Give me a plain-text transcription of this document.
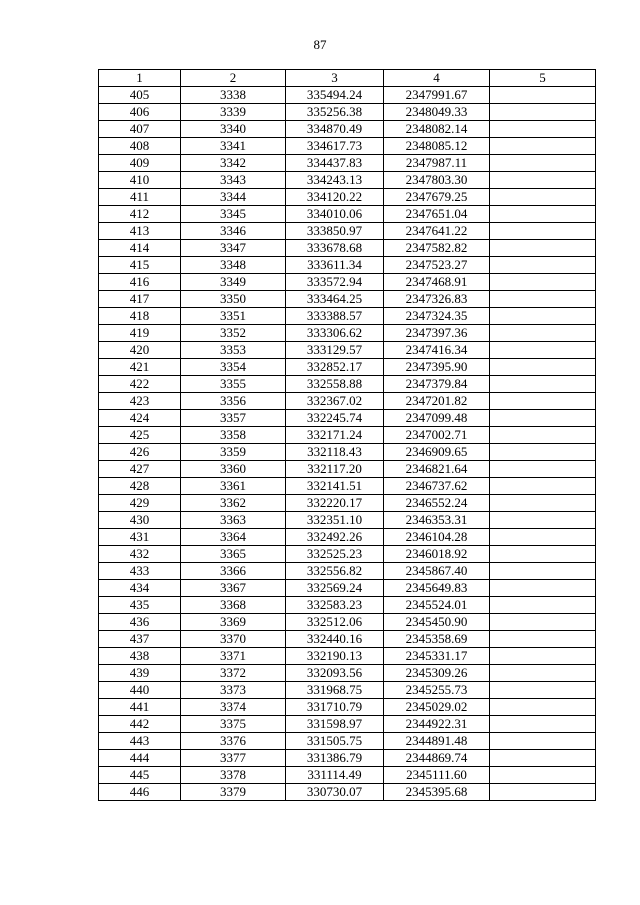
87
1	2	3	4	5
405	3338	335494.24	2347991.67	
406	3339	335256.38	2348049.33	
407	3340	334870.49	2348082.14	
408	3341	334617.73	2348085.12	
409	3342	334437.83	2347987.11	
410	3343	334243.13	2347803.30	
411	3344	334120.22	2347679.25	
412	3345	334010.06	2347651.04	
413	3346	333850.97	2347641.22	
414	3347	333678.68	2347582.82	
415	3348	333611.34	2347523.27	
416	3349	333572.94	2347468.91	
417	3350	333464.25	2347326.83	
418	3351	333388.57	2347324.35	
419	3352	333306.62	2347397.36	
420	3353	333129.57	2347416.34	
421	3354	332852.17	2347395.90	
422	3355	332558.88	2347379.84	
423	3356	332367.02	2347201.82	
424	3357	332245.74	2347099.48	
425	3358	332171.24	2347002.71	
426	3359	332118.43	2346909.65	
427	3360	332117.20	2346821.64	
428	3361	332141.51	2346737.62	
429	3362	332220.17	2346552.24	
430	3363	332351.10	2346353.31	
431	3364	332492.26	2346104.28	
432	3365	332525.23	2346018.92	
433	3366	332556.82	2345867.40	
434	3367	332569.24	2345649.83	
435	3368	332583.23	2345524.01	
436	3369	332512.06	2345450.90	
437	3370	332440.16	2345358.69	
438	3371	332190.13	2345331.17	
439	3372	332093.56	2345309.26	
440	3373	331968.75	2345255.73	
441	3374	331710.79	2345029.02	
442	3375	331598.97	2344922.31	
443	3376	331505.75	2344891.48	
444	3377	331386.79	2344869.74	
445	3378	331114.49	2345111.60	
446	3379	330730.07	2345395.68	
